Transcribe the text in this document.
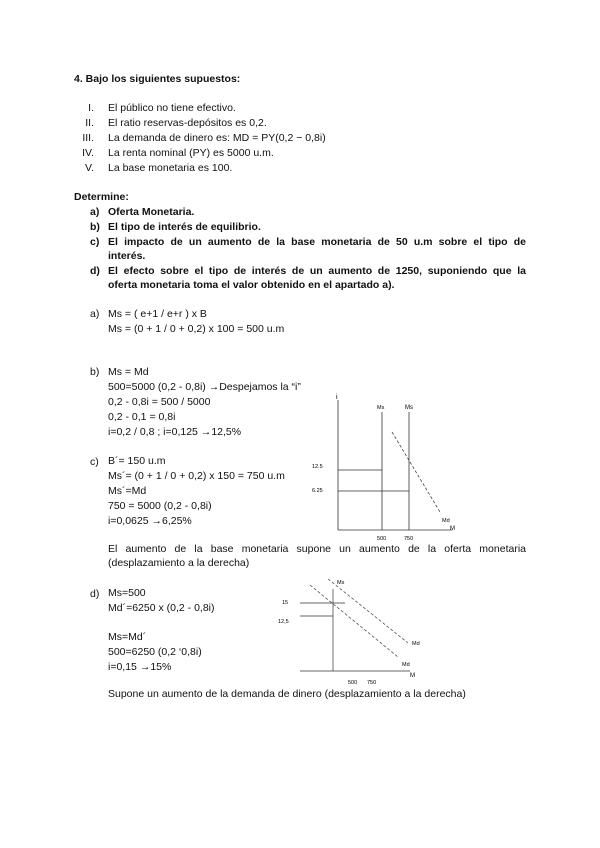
4. Bajo los siguientes supuestos:
I. El público no tiene efectivo.
II. El ratio reservas-depósitos es 0,2.
III. La demanda de dinero es: MD = PY(0,2 − 0,8i)
IV. La renta nominal (PY) es 5000 u.m.
V. La base monetaria es 100.
Determine:
a) Oferta Monetaria.
b) El tipo de interés de equilibrio.
c) El impacto de un aumento de la base monetaria de 50 u.m sobre el tipo de
interés.
d) El efecto sobre el tipo de interés de un aumento de 1250, suponiendo que la
oferta monetaria toma el valor obtenido en el apartado a).
a) Ms = ( e+1 / e+r ) x B
Ms = (0 + 1 / 0 + 0,2) x 100 = 500 u.m
b) Ms = Md
500=5000 (0,2 - 0,8i) →Despejamos la “i”
0,2 - 0,8i = 500 / 5000
0,2 - 0,1 = 0,8i
i=0,2 / 0,8 ; i=0,125 →12,5%
c) B´= 150 u.m
Ms´= (0 + 1 / 0 + 0,2) x 150 = 750 u.m
Ms´=Md
750 = 5000 (0,2 - 0,8i)
i=0,0625 →6,25%
El aumento de la base monetaria supone un aumento de la oferta monetaria
(desplazamiento a la derecha)
d) Ms=500
Md´=6250 x (0,2 - 0,8i)
Ms=Md´
500=6250 (0,2 ‘0,8i)
i=0,15 →15%
Supone un aumento de la demanda de dinero (desplazamiento a la derecha)
i
M
Ms	Ms
Md
12.5
6.25
500	750
Ms
Md
Md
15
12,5
M
500 750
